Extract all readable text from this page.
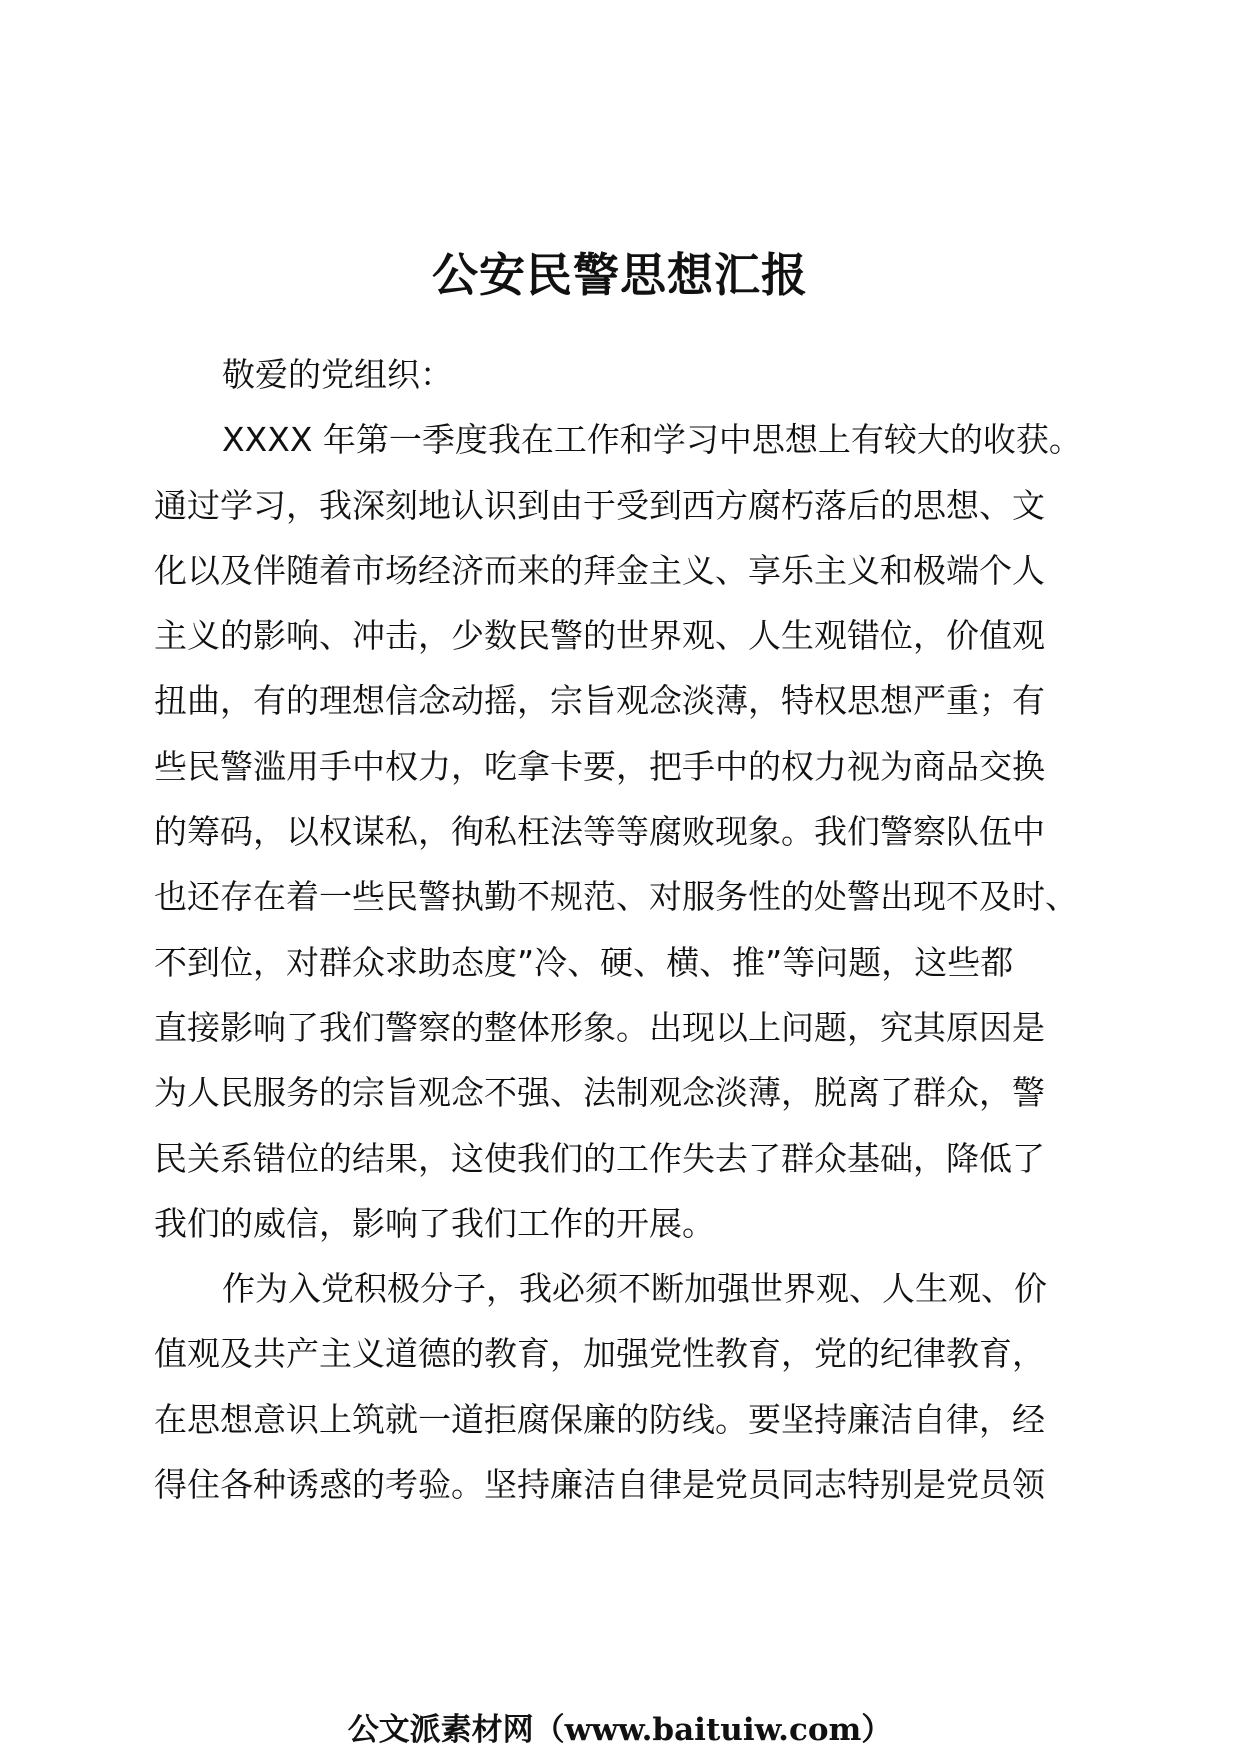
公安民警思想汇报

敬爱的党组织：

XXXX 年第一季度我在工作和学习中思想上有较大的收获。
通过学习，我深刻地认识到由于受到西方腐朽落后的思想、文
化以及伴随着市场经济而来的拜金主义、享乐主义和极端个人
主义的影响、冲击，少数民警的世界观、人生观错位，价值观
扭曲，有的理想信念动摇，宗旨观念淡薄，特权思想严重；有
些民警滥用手中权力，吃拿卡要，把手中的权力视为商品交换
的筹码，以权谋私，徇私枉法等等腐败现象。我们警察队伍中
也还存在着一些民警执勤不规范、对服务性的处警出现不及时、
不到位，对群众求助态度”冷、硬、横、推”等问题，这些都
直接影响了我们警察的整体形象。出现以上问题，究其原因是
为人民服务的宗旨观念不强、法制观念淡薄，脱离了群众，警
民关系错位的结果，这使我们的工作失去了群众基础，降低了
我们的威信，影响了我们工作的开展。

作为入党积极分子，我必须不断加强世界观、人生观、价
值观及共产主义道德的教育，加强党性教育，党的纪律教育，
在思想意识上筑就一道拒腐保廉的防线。要坚持廉洁自律，经
得住各种诱惑的考验。坚持廉洁自律是党员同志特别是党员领

公文派素材网（www.baituiw.com）
